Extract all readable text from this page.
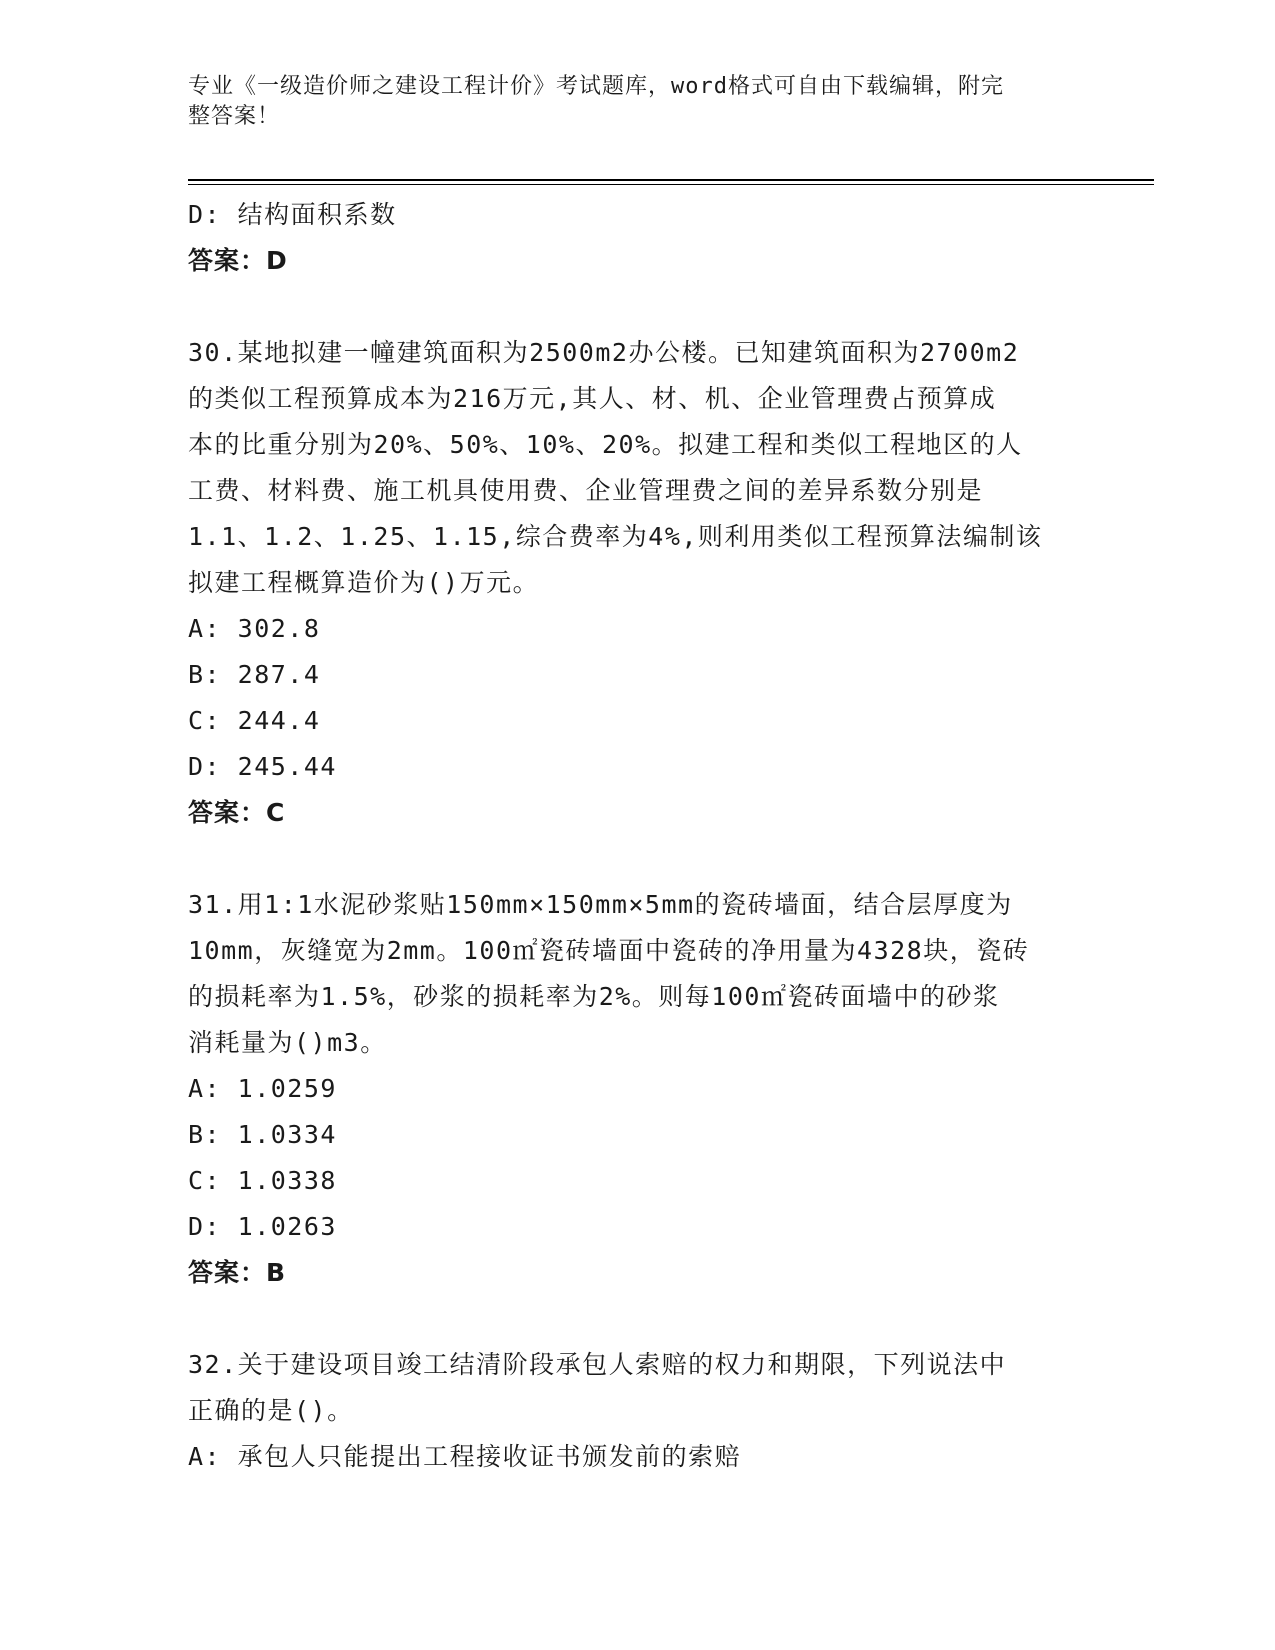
专业《一级造价师之建设工程计价》考试题库，word格式可自由下载编辑，附完
整答案！
D: 结构面积系数
答案：D
30.某地拟建一幢建筑面积为2500m2办公楼。已知建筑面积为2700m2
的类似工程预算成本为216万元,其人、材、机、企业管理费占预算成
本的比重分别为20%、50%、10%、20%。拟建工程和类似工程地区的人
工费、材料费、施工机具使用费、企业管理费之间的差异系数分别是
1.1、1.2、1.25、1.15,综合费率为4%,则利用类似工程预算法编制该
拟建工程概算造价为()万元。
A: 302.8
B: 287.4
C: 244.4
D: 245.44
答案：C
31.用1:1水泥砂浆贴150mm×150mm×5mm的瓷砖墙面，结合层厚度为
10mm，灰缝宽为2mm。100㎡瓷砖墙面中瓷砖的净用量为4328块，瓷砖
的损耗率为1.5%，砂浆的损耗率为2%。则每100㎡瓷砖面墙中的砂浆
消耗量为()m3。
A: 1.0259
B: 1.0334
C: 1.0338
D: 1.0263
答案：B
32.关于建设项目竣工结清阶段承包人索赔的权力和期限，下列说法中
正确的是()。
A: 承包人只能提出工程接收证书颁发前的索赔
